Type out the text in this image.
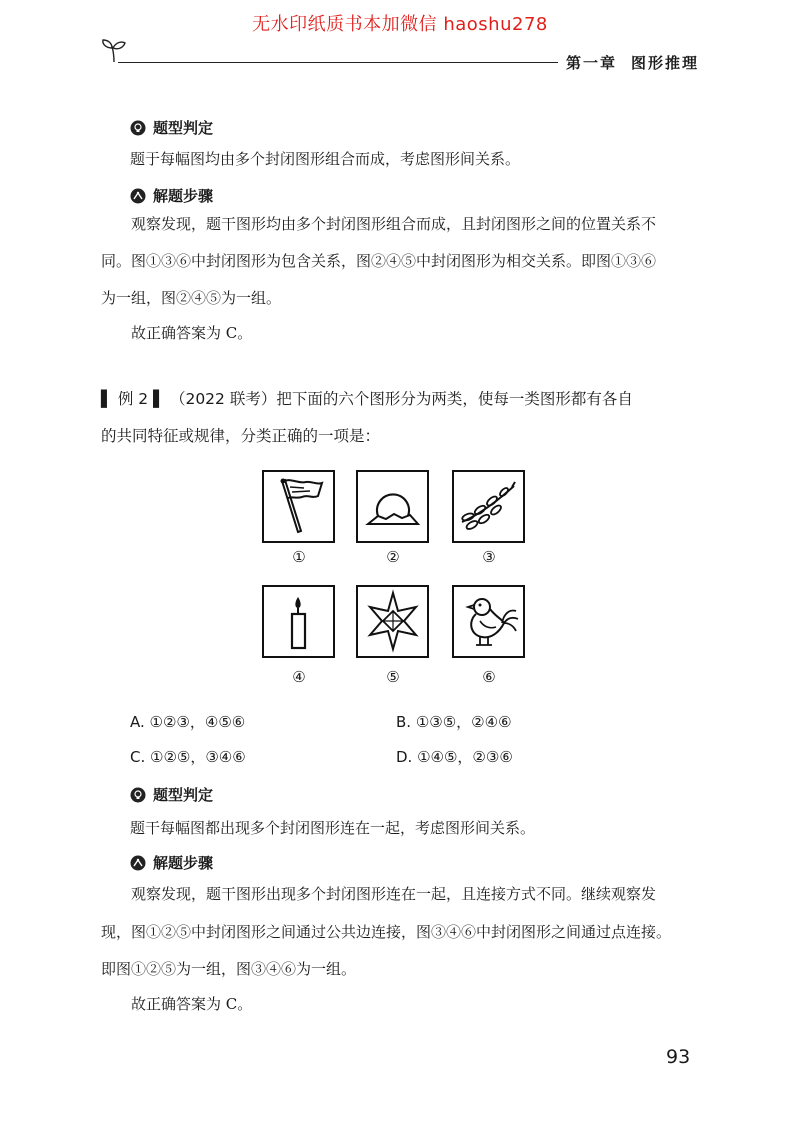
无水印纸质书本加微信 haoshu278
第一章 图形推理
题型判定
题于每幅图均由多个封闭图形组合而成，考虑图形间关系。
解题步骤
观察发现，题干图形均由多个封闭图形组合而成，且封闭图形之间的位置关系不
同。图①③⑥中封闭图形为包含关系，图②④⑤中封闭图形为相交关系。即图①③⑥
为一组，图②④⑤为一组。
故正确答案为 C。
▌ 例 2 ▌ （2022 联考）把下面的六个图形分为两类，使每一类图形都有各自
的共同特征或规律，分类正确的一项是：
①	②	③
④	⑤	⑥
A. ①②③，④⑤⑥	B. ①③⑤，②④⑥
C. ①②⑤，③④⑥	D. ①④⑤，②③⑥
题型判定
题干每幅图都出现多个封闭图形连在一起，考虑图形间关系。
解题步骤
观察发现，题干图形出现多个封闭图形连在一起，且连接方式不同。继续观察发
现，图①②⑤中封闭图形之间通过公共边连接，图③④⑥中封闭图形之间通过点连接。
即图①②⑤为一组，图③④⑥为一组。
故正确答案为 C。
93
